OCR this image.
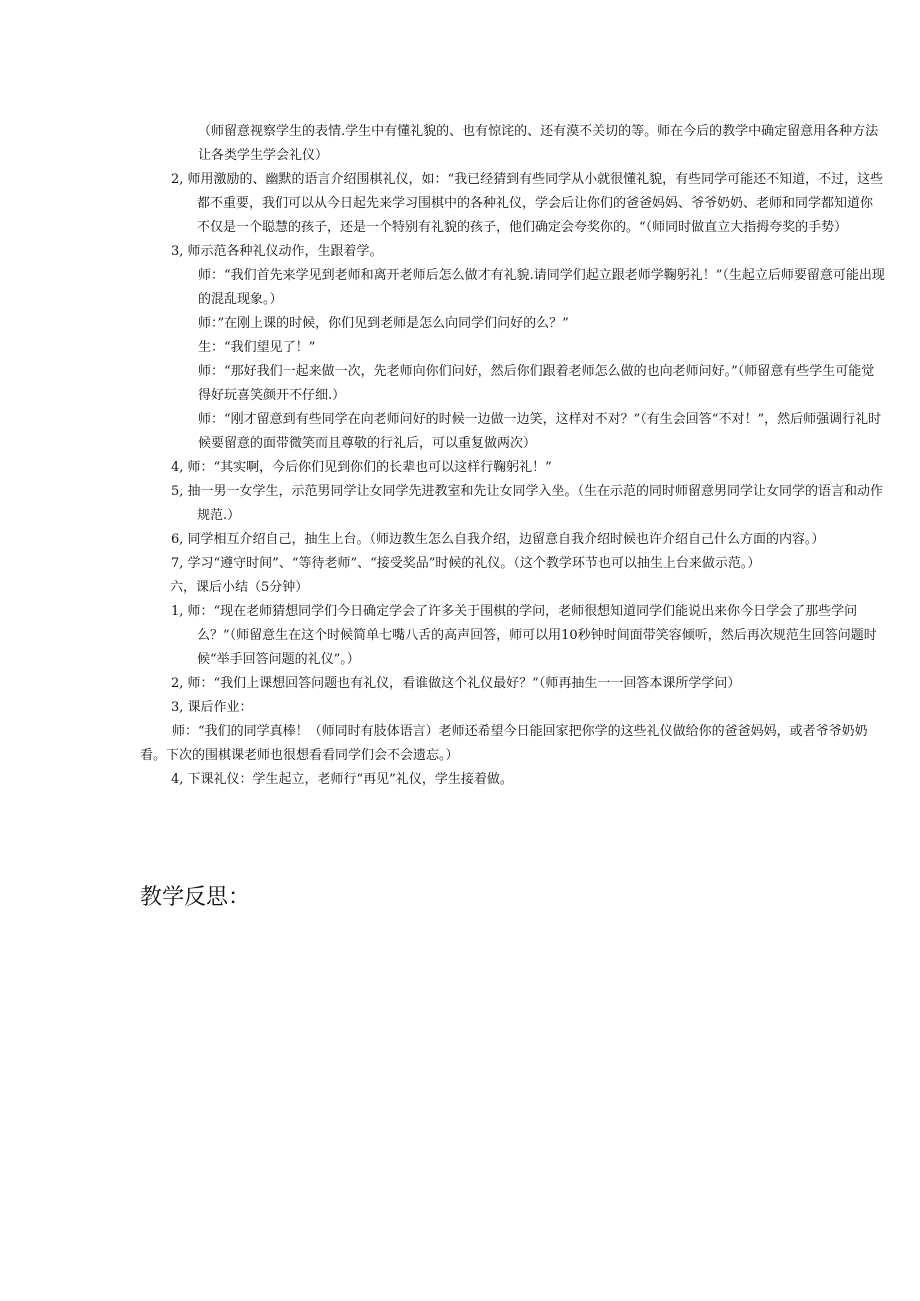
（师留意视察学生的表情.学生中有懂礼貌的、也有惊诧的、还有漠不关切的等。师在今后的教学中确定留意用各种方法让各类学生学会礼仪）

2, 师用激励的、幽默的语言介绍围棋礼仪，如：“我已经猜到有些同学从小就很懂礼貌，有些同学可能还不知道，不过，这些都不重要，我们可以从今日起先来学习围棋中的各种礼仪，学会后让你们的爸爸妈妈、爷爷奶奶、老师和同学都知道你不仅是一个聪慧的孩子，还是一个特别有礼貌的孩子，他们确定会夸奖你的。“（师同时做直立大指拇夸奖的手势）

3, 师示范各种礼仪动作，生跟着学。

师：“我们首先来学见到老师和离开老师后怎么做才有礼貌.请同学们起立跟老师学鞠躬礼！”（生起立后师要留意可能出现的混乱现象。）

师：”在刚上课的时候，你们见到老师是怎么向同学们问好的么？”

生：“我们望见了！”

师：“那好我们一起来做一次，先老师向你们问好，然后你们跟着老师怎么做的也向老师问好。”（师留意有些学生可能觉得好玩喜笑颜开不仔细.）

师：“刚才留意到有些同学在向老师问好的时候一边做一边笑，这样对不对？”（有生会回答“不对！”，然后师强调行礼时候要留意的面带微笑而且尊敬的行礼后，可以重复做两次）

4, 师：“其实啊，今后你们见到你们的长辈也可以这样行鞠躬礼！”

5, 抽一男一女学生，示范男同学让女同学先进教室和先让女同学入坐。（生在示范的同时师留意男同学让女同学的语言和动作规范.）

6, 同学相互介绍自己，抽生上台。（师边教生怎么自我介绍，边留意自我介绍时候也许介绍自己什么方面的内容。）

7, 学习“遵守时间”、“等待老师”、“接受奖品”时候的礼仪。（这个教学环节也可以抽生上台来做示范。）

六，课后小结（5分钟）

1, 师：“现在老师猜想同学们今日确定学会了许多关于围棋的学问，老师很想知道同学们能说出来你今日学会了那些学问么？”（师留意生在这个时候简单七嘴八舌的高声回答，师可以用10秒钟时间面带笑容倾听，然后再次规范生回答问题时候“举手回答问题的礼仪”。）

2, 师：“我们上课想回答问题也有礼仪，看谁做这个礼仪最好？”（师再抽生一一回答本课所学学问）

3, 课后作业：

师：“我们的同学真棒！（师同时有肢体语言）老师还希望今日能回家把你学的这些礼仪做给你的爸爸妈妈，或者爷爷奶奶看。下次的围棋课老师也很想看看同学们会不会遗忘。）

4, 下课礼仪：学生起立，老师行“再见”礼仪，学生接着做。

教学反思：
